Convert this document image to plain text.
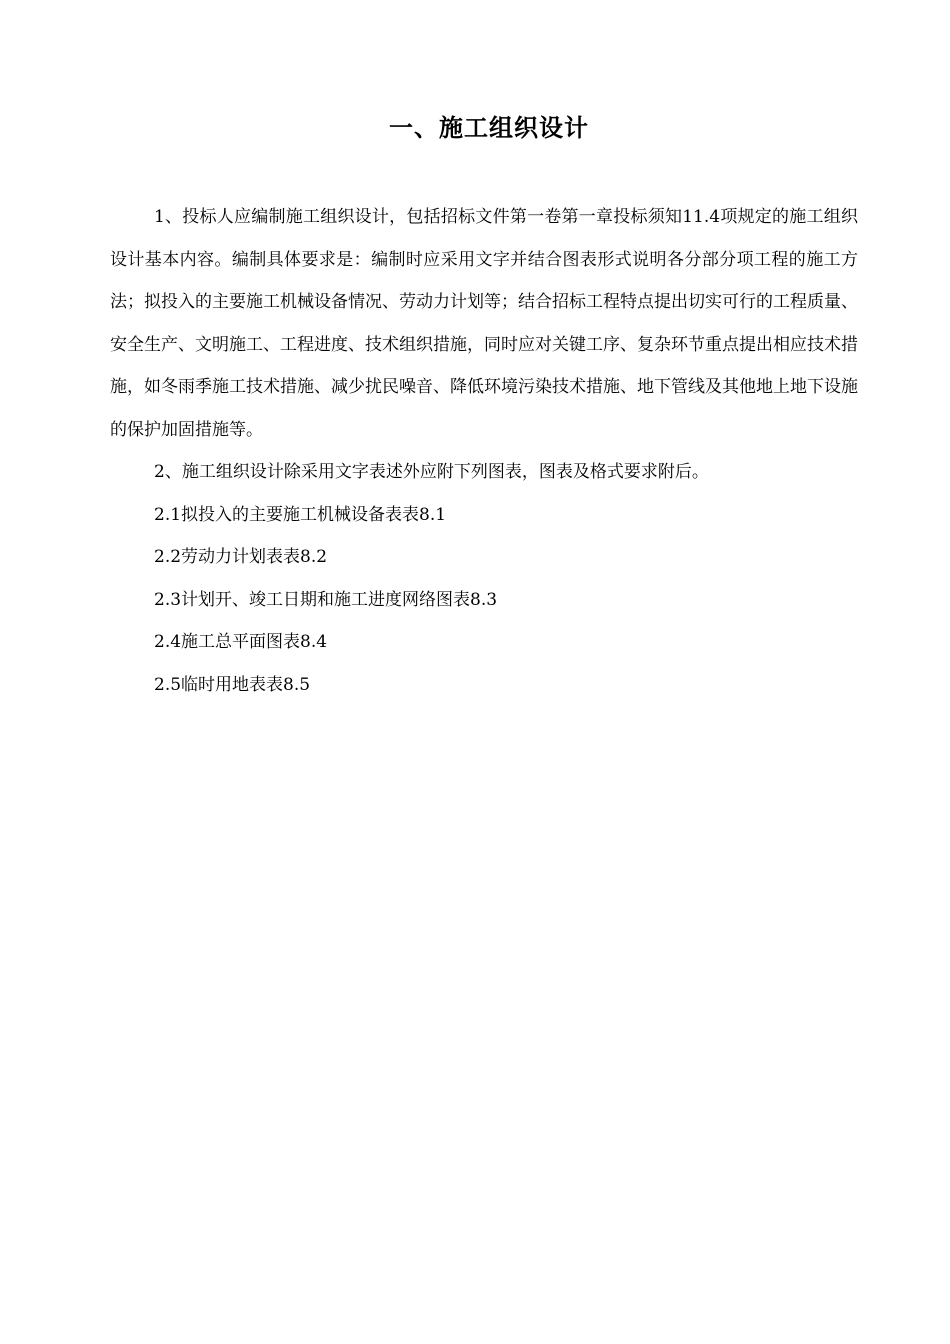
一、施工组织设计

1、投标人应编制施工组织设计，包括招标文件第一卷第一章投标须知11.4项规定的施工组织设计基本内容。编制具体要求是：编制时应采用文字并结合图表形式说明各分部分项工程的施工方法；拟投入的主要施工机械设备情况、劳动力计划等；结合招标工程特点提出切实可行的工程质量、安全生产、文明施工、工程进度、技术组织措施，同时应对关键工序、复杂环节重点提出相应技术措施，如冬雨季施工技术措施、减少扰民噪音、降低环境污染技术措施、地下管线及其他地上地下设施的保护加固措施等。

2、施工组织设计除采用文字表述外应附下列图表，图表及格式要求附后。

2.1拟投入的主要施工机械设备表表8.1
2.2劳动力计划表表8.2
2.3计划开、竣工日期和施工进度网络图表8.3
2.4施工总平面图表8.4
2.5临时用地表表8.5
